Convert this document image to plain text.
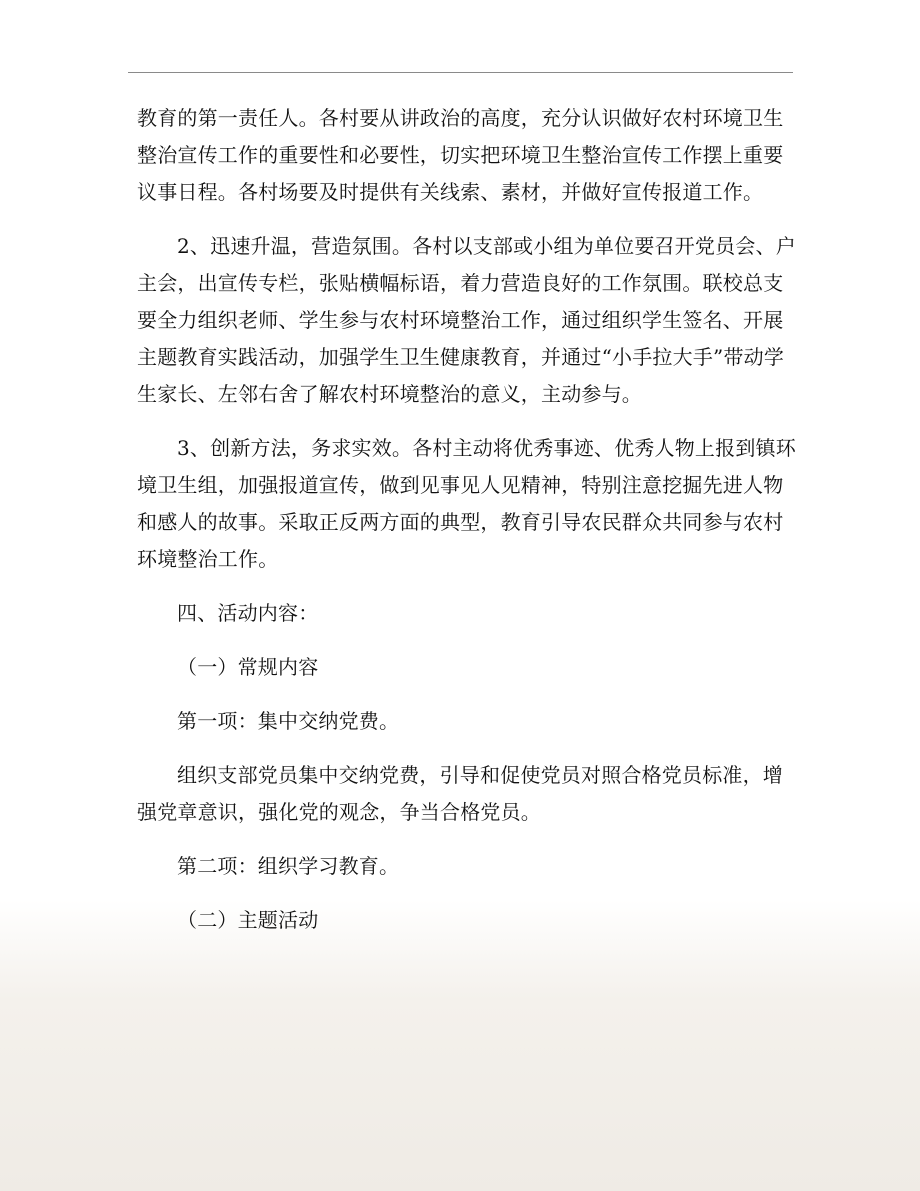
教育的第一责任人。各村要从讲政治的高度，充分认识做好农村环境卫生整治宣传工作的重要性和必要性，切实把环境卫生整治宣传工作摆上重要议事日程。各村场要及时提供有关线索、素材，并做好宣传报道工作。

2、迅速升温，营造氛围。各村以支部或小组为单位要召开党员会、户主会，出宣传专栏，张贴横幅标语，着力营造良好的工作氛围。联校总支要全力组织老师、学生参与农村环境整治工作，通过组织学生签名、开展主题教育实践活动，加强学生卫生健康教育，并通过“小手拉大手”带动学生家长、左邻右舍了解农村环境整治的意义，主动参与。

3、创新方法，务求实效。各村主动将优秀事迹、优秀人物上报到镇环境卫生组，加强报道宣传，做到见事见人见精神，特别注意挖掘先进人物和感人的故事。采取正反两方面的典型，教育引导农民群众共同参与农村环境整治工作。

四、活动内容：

（一）常规内容

第一项：集中交纳党费。

组织支部党员集中交纳党费，引导和促使党员对照合格党员标准，增强党章意识，强化党的观念，争当合格党员。

第二项：组织学习教育。

（二）主题活动
